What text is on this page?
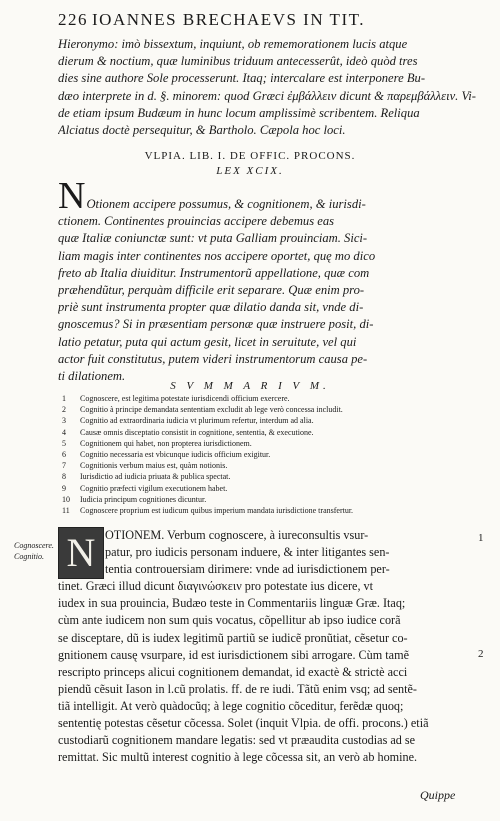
226 IOANNES BRECHAEVS IN TIT.
Hieronymo: imò bissextum, inquiunt, ob rememorationem lucis atque
dierum & noctium, quæ luminibus triduum antecesserût, ideò quòd tres
dies sine authore Sole processerunt. Itaq; intercalare est interponere Bu-
dæo interprete in d. §. minorem: quod Græci ἐμβάλλειν dicunt & παρεμβάλλειν. Vi-
de etiam ipsum Budæum in hunc locum amplissimè scribentem. Reliqua
Alciatus doctè persequitur, & Bartholo. Cæpola hoc loci.
VLPIA. LIB. I. DE OFFIC. PROCONS.
LEX XCIX.
N Otionem accipere possumus, & cognitionem, & iurisdi-
ctionem. Continentes prouincias accipere debemus eas
quæ Italiæ coniunctæ sunt: vt puta Galliam prouinciam. Sici-
liam magis inter continentes nos accipere oportet, quę mo dico
freto ab Italia diuiditur. Instrumentorũ appellatione, quæ com
præhendũtur, perquàm difficile erit separare. Quæ enim pro-
priè sunt instrumenta propter quæ dilatio danda sit, vnde di-
gnoscemus? Si in præsentiam personæ quæ instruere posit, di-
latio petatur, puta qui actum gesit, licet in seruitute, vel qui
actor fuit constitutus, putem videri instrumentorum causa pe-
ti dilationem.
S V M M A R I V M.
1	Cognoscere, est legitima potestate iurisdicendi officium exercere.
2	Cognitio à principe demandata sententiam excludit ab lege verò concessa includit.
3	Cognitio ad extraordinaria iudicia vt plurimum refertur, interdum ad alia.
4	Causæ omnis disceptatio consistit in cognitione, sententia, & executione.
5	Cognitionem qui habet, non propterea iurisdictionem.
6	Cognitio necessaria est vbicunque iudicis officium exigitur.
7	Cognitionis verbum maius est, quàm notionis.
8	Iurisdictio ad iudicia priuata & publica spectat.
9	Cognitio præfecti vigilum executionem habet.
10	Iudicia principum cognitiones dicuntur.
11	Cognoscere proprium est iudicum quibus imperium mandata iurisdictione transfertur.
Cognoscere. Cognitio.
1
2
N OTIONEM. Verbum cognoscere, à iureconsultis vsur-
patur, pro iudicis personam induere, & inter litigantes sen-
tentia controuersiam dirimere: vnde ad iurisdictionem per-
tinet. Græci illud dicunt διαγινώσκειν pro potestate ius dicere, vt
iudex in sua prouincia, Budæo teste in Commentariis linguæ Græ. Itaq;
cùm ante iudicem non sum quis vocatus, cõpellitur ab ipso iudice corã
se disceptare, dũ is iudex legitimũ partiũ se iudicẽ pronũtiat, cẽsetur co-
gnitionem causę vsurpare, id est iurisdictionem sibi arrogare. Cùm tamẽ
rescripto princeps alicui cognitionem demandat, id exactè & strictè acci
piendũ cẽsuit Iason in l.cũ prolatis. ff. de re iudi. Tãtũ enim vsq; ad sentẽ-
tiã intelligit. At verò quàdocũq; à lege cognitio cõceditur, ferẽdæ quoq;
sententię potestas cẽsetur cõcessa. Solet (inquit Vlpia. de offi. procons.) etiã
custodiarũ cognitionem mandare legatis: sed vt præaudita custodias ad se
remittat. Sic multũ interest cognitio à lege cõcessa sit, an verò ab homine.
Quippe
